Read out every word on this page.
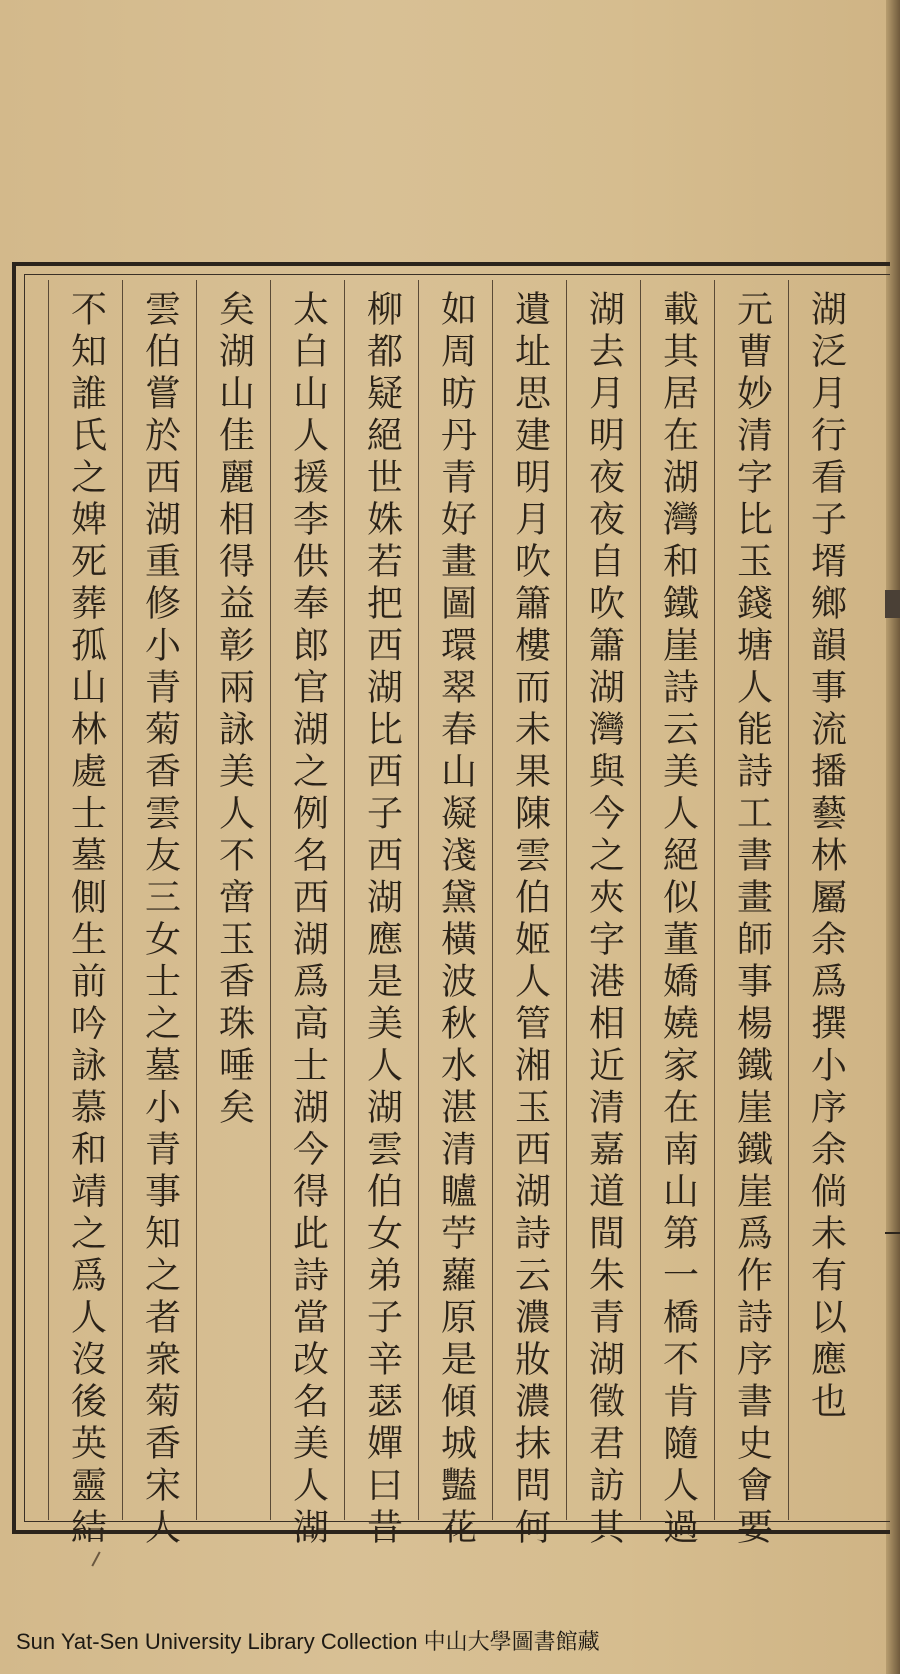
湖泛月行看子壻鄉韻事流播藝林屬余爲撰小序余倘未有以應也
元曹妙清字比玉錢塘人能詩工書畫師事楊鐵崖鐵崖爲作詩序書史會要
載其居在湖灣和鐵崖詩云美人絕似董嬌嬈家在南山第一橋不肯隨人過
湖去月明夜夜自吹簫湖灣與今之夾字港相近清嘉道間朱青湖徵君訪其
遺址思建明月吹簫樓而未果陳雲伯姬人管湘玉西湖詩云濃妝濃抹問何
如周昉丹青好畫圖環翠春山凝淺黛橫波秋水湛清矑苧蘿原是傾城豔花
柳都疑絕世姝若把西湖比西子西湖應是美人湖雲伯女弟子辛瑟嬋曰昔
太白山人援李供奉郎官湖之例名西湖爲高士湖今得此詩當改名美人湖
矣湖山佳麗相得益彰兩詠美人不啻玉香珠唾矣
雲伯嘗於西湖重修小青菊香雲友三女士之墓小青事知之者衆菊香宋人
不知誰氏之婢死葬孤山林處士墓側生前吟詠慕和靖之爲人沒後英靈結
Sun Yat-Sen University Library Collection 中山大學圖書館藏
